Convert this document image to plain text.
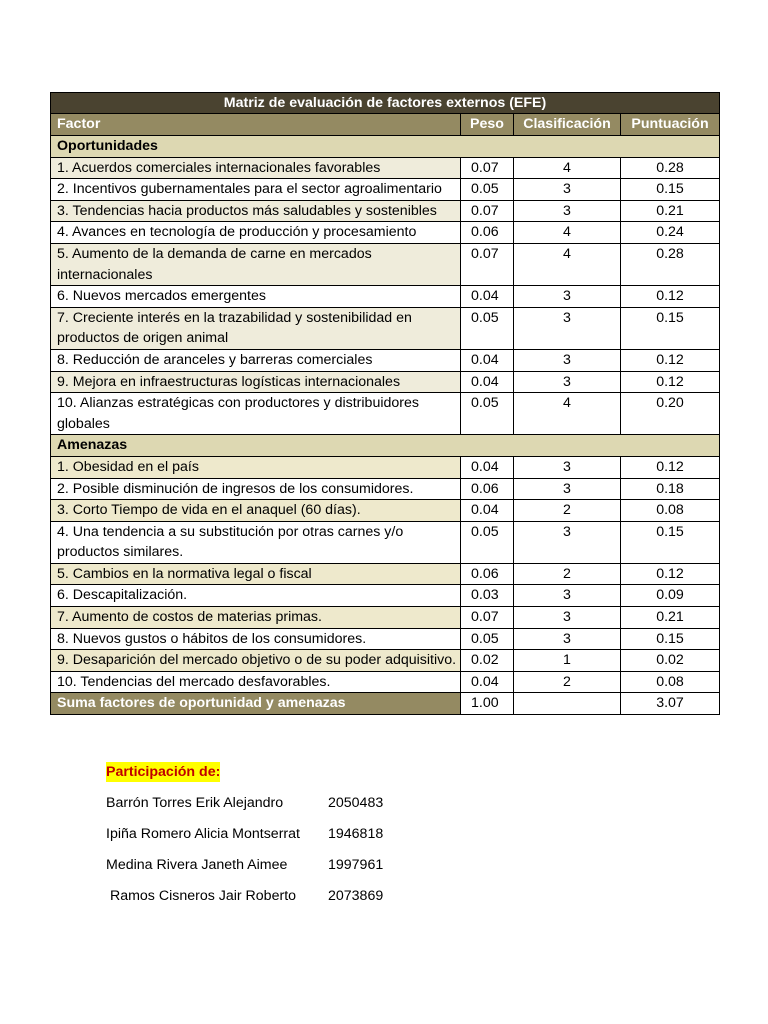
Matriz de evaluación de factores externos (EFE)			
Factor	Peso	Clasificación	Puntuación
Oportunidades			
1. Acuerdos comerciales internacionales favorables	0.07	4	0.28
2. Incentivos gubernamentales para el sector agroalimentario	0.05	3	0.15
3. Tendencias hacia productos más saludables y sostenibles	0.07	3	0.21
4. Avances en tecnología de producción y procesamiento	0.06	4	0.24
5. Aumento de la demanda de carne en mercados internacionales	0.07	4	0.28
6. Nuevos mercados emergentes	0.04	3	0.12
7. Creciente interés en la trazabilidad y sostenibilidad en productos de origen animal	0.05	3	0.15
8. Reducción de aranceles y barreras comerciales	0.04	3	0.12
9. Mejora en infraestructuras logísticas internacionales	0.04	3	0.12
10. Alianzas estratégicas con productores y distribuidores globales	0.05	4	0.20
Amenazas			
1. Obesidad en el país	0.04	3	0.12
2. Posible disminución de ingresos de los consumidores.	0.06	3	0.18
3. Corto Tiempo de vida en el anaquel (60 días).	0.04	2	0.08
4. Una tendencia a su substitución por otras carnes y/o productos similares.	0.05	3	0.15
5. Cambios en la normativa legal o fiscal	0.06	2	0.12
6. Descapitalización.	0.03	3	0.09
7. Aumento de costos de materias primas.	0.07	3	0.21
8. Nuevos gustos o hábitos de los consumidores.	0.05	3	0.15
9. Desaparición del mercado objetivo o de su poder adquisitivo.	0.02	1	0.02
10. Tendencias del mercado desfavorables.	0.04	2	0.08
Suma factores de oportunidad y amenazas	1.00		3.07
Participación de:
Barrón Torres Erik Alejandro	2050483
Ipiña Romero Alicia Montserrat 1946818
Medina Rivera Janeth Aimee	1997961
Ramos Cisneros Jair Roberto 2073869
